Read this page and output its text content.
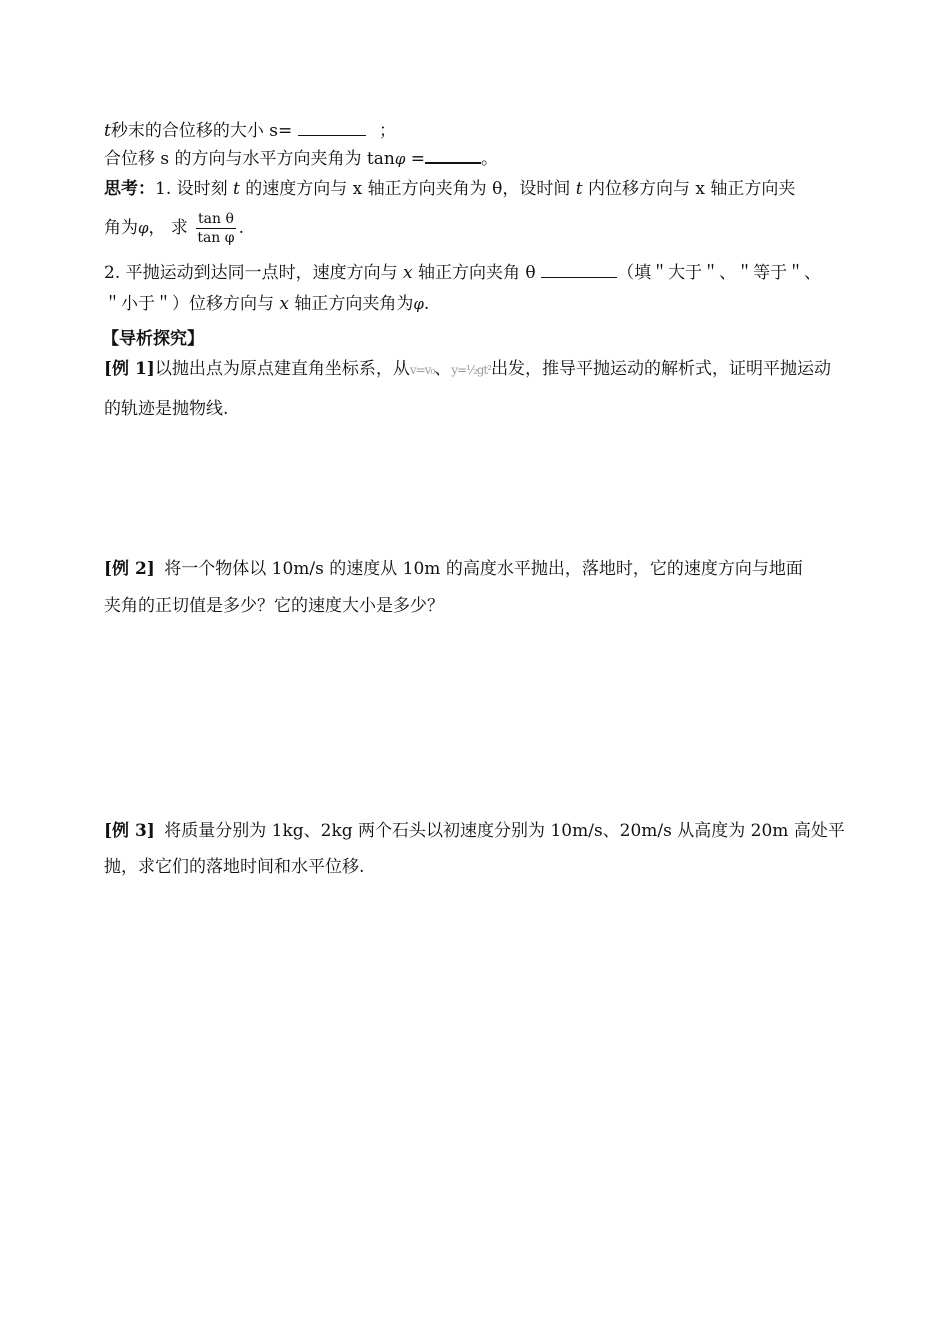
t秒末的合位移的大小 s=	；
合位移 s 的方向与水平方向夹角为 tanφ =	。
思考：1. 设时刻 t 的速度方向与 x 轴正方向夹角为 θ，设时间 t 内位移方向与 x 轴正方向夹
角为φ， 求 $\frac{\text{tan θ}}{\text{tan φ}}$ .
2. 平抛运动到达同一点时，速度方向与 x 轴正方向夹角 θ	（填＂大于＂、＂等于＂、
＂小于＂）位移方向与 x 轴正方向夹角为φ.
【导析探究】
[例 1]以抛出点为原点建直角坐标系，从v=v₀、y=½gt²出发，推导平抛运动的解析式，证明平抛运动
的轨迹是抛物线.
[例 2] 将一个物体以 10m/s 的速度从 10m 的高度水平抛出，落地时，它的速度方向与地面
夹角的正切值是多少？它的速度大小是多少？
[例 3] 将质量分别为 1kg、2kg 两个石头以初速度分别为 10m/s、20m/s 从高度为 20m 高处平
抛，求它们的落地时间和水平位移.
